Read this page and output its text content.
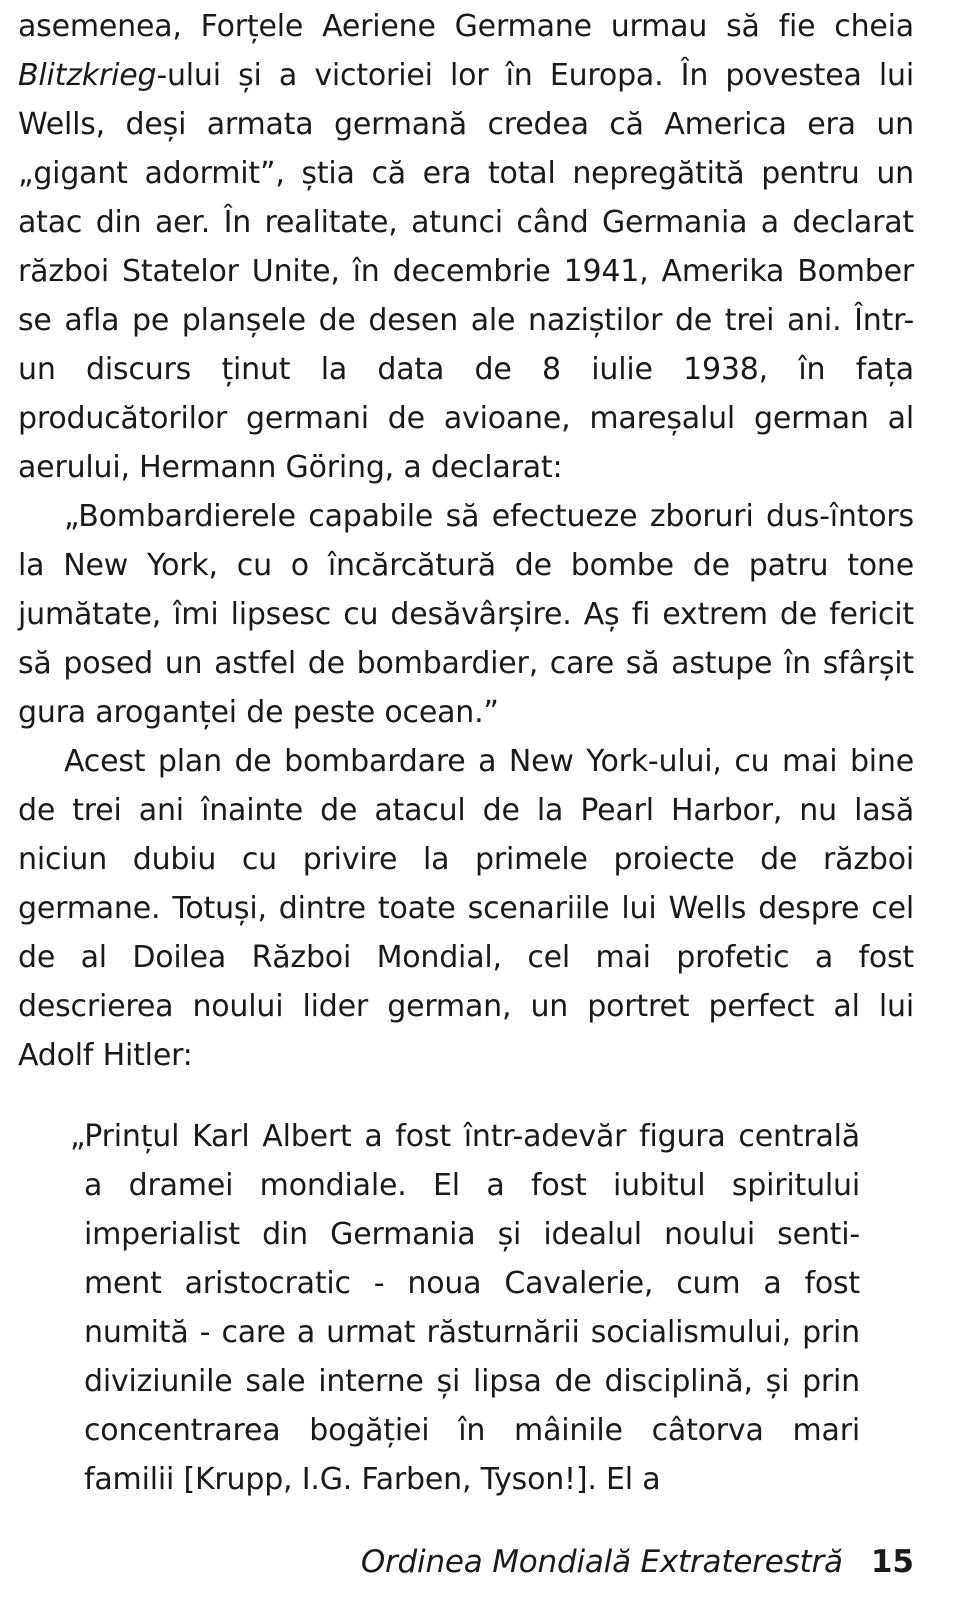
asemenea, Forțele Aeriene Germane urmau să fie cheia Blitzkrieg-ului și a victoriei lor în Europa. În povestea lui Wells, deși armata germană credea că America era un „gigant adormit”, știa că era total nepregătită pentru un atac din aer. În realitate, atunci când Germania a declarat război Statelor Unite, în decembrie 1941, Amerika Bomber se afla pe planșele de desen ale naziștilor de trei ani. Într-un discurs ținut la data de 8 iulie 1938, în fața producătorilor germani de avioane, mareșalul german al aerului, Hermann Göring, a declarat:

„Bombardierele capabile să efectueze zboruri dus-întors la New York, cu o încărcătură de bombe de patru tone jumătate, îmi lipsesc cu desăvârșire. Aș fi extrem de fericit să posed un astfel de bombardier, care să astupe în sfârșit gura aroganței de peste ocean.”

Acest plan de bombardare a New York-ului, cu mai bine de trei ani înainte de atacul de la Pearl Harbor, nu lasă niciun dubiu cu privire la primele proiecte de război germane. Totuși, dintre toate scenariile lui Wells despre cel de al Doilea Război Mondial, cel mai profetic a fost descrierea noului lider german, un portret perfect al lui Adolf Hitler:

„Prințul Karl Albert a fost într-adevăr figura centrală a dramei mondiale. El a fost iubitul spiritului imperialist din Germania și idealul noului senti-ment aristocratic - noua Cavalerie, cum a fost numită - care a urmat răsturnării socialismului, prin diviziunile sale interne și lipsa de disciplină, și prin concentrarea bogăției în mâinile câtorva mari familii [Krupp, I.G. Farben, Tyson!]. El a

Ordinea Mondială Extraterestră 15
